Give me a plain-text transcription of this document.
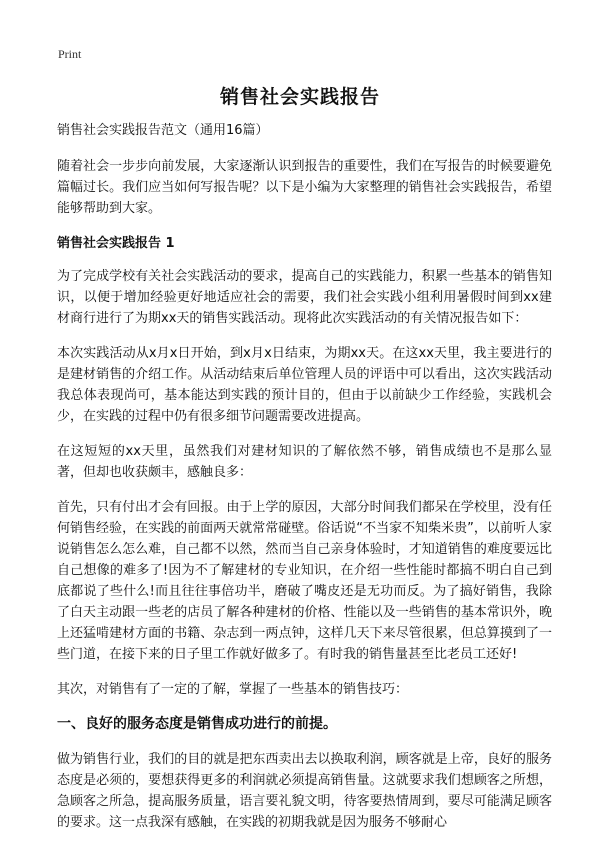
Print
销售社会实践报告

销售社会实践报告范文（通用16篇）

随着社会一步步向前发展，大家逐渐认识到报告的重要性，我们在写报告的时候要避免篇幅过长。我们应当如何写报告呢？以下是小编为大家整理的销售社会实践报告，希望能够帮助到大家。

销售社会实践报告 1

为了完成学校有关社会实践活动的要求，提高自己的实践能力，积累一些基本的销售知识，以便于增加经验更好地适应社会的需要，我们社会实践小组利用暑假时间到xx建材商行进行了为期xx天的销售实践活动。现将此次实践活动的有关情况报告如下：

本次实践活动从x月x日开始，到x月x日结束，为期xx天。在这xx天里，我主要进行的是建材销售的介绍工作。从活动结束后单位管理人员的评语中可以看出，这次实践活动我总体表现尚可，基本能达到实践的预计目的，但由于以前缺少工作经验，实践机会少，在实践的过程中仍有很多细节问题需要改进提高。

在这短短的xx天里，虽然我们对建材知识的了解依然不够，销售成绩也不是那么显著，但却也收获颇丰，感触良多：

首先，只有付出才会有回报。由于上学的原因，大部分时间我们都呆在学校里，没有任何销售经验，在实践的前面两天就常常碰壁。俗话说“不当家不知柴米贵”，以前听人家说销售怎么怎么难，自己都不以然，然而当自己亲身体验时，才知道销售的难度要远比自己想像的难多了!因为不了解建材的专业知识，在介绍一些性能时都搞不明白自己到底都说了些什么!而且往往事倍功半，磨破了嘴皮还是无功而反。为了搞好销售，我除了白天主动跟一些老的店员了解各种建材的价格、性能以及一些销售的基本常识外，晚上还猛啃建材方面的书籍、杂志到一两点钟，这样几天下来尽管很累，但总算摸到了一些门道，在接下来的日子里工作就好做多了。有时我的销售量甚至比老员工还好!

其次，对销售有了一定的了解，掌握了一些基本的销售技巧：

一、良好的服务态度是销售成功进行的前提。

做为销售行业，我们的目的就是把东西卖出去以换取利润，顾客就是上帝，良好的服务态度是必须的，要想获得更多的利润就必须提高销售量。这就要求我们想顾客之所想，急顾客之所急，提高服务质量，语言要礼貌文明，待客要热情周到，要尽可能满足顾客的要求。这一点我深有感触，在实践的初期我就是因为服务不够耐心
